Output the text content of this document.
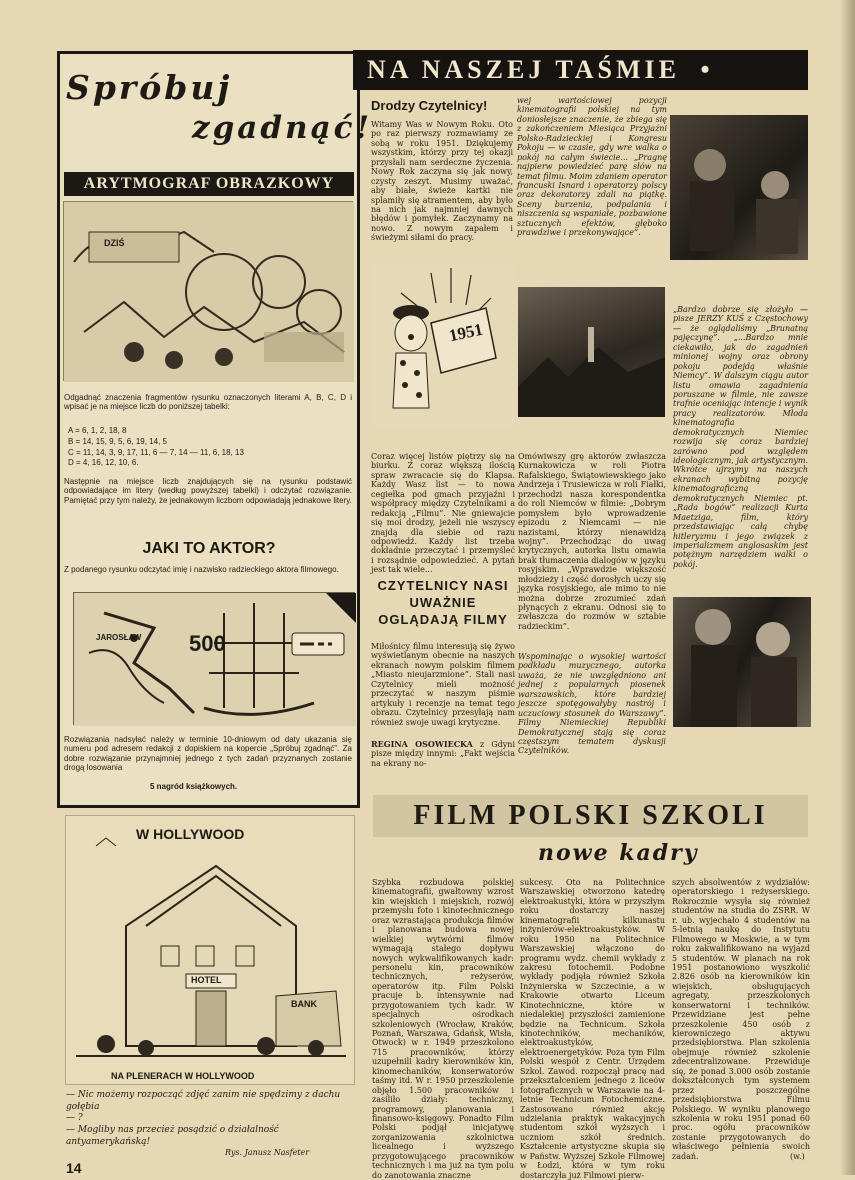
Spróbuj
zgadnąć!
ARYTMOGRAF OBRAZKOWY
DZIŚ
Odgadnąć znaczenia fragmentów rysunku oznaczonych literami A, B, C, D i wpisać je na miejsce liczb do poniższej tabelki:
A = 6, 1, 2, 18, 8
B = 14, 15, 9, 5, 6, 19, 14, 5
C = 11, 14, 3, 9, 17, 11, 6 — 7, 14 — 11, 6, 18, 13
D = 4, 16, 12, 10, 6.
Następnie na miejsce liczb znajdujących się na rysunku podstawić odpowiadające im litery (według powyższej tabelki) i odczytać rozwiązanie. Pamiętać przy tym należy, że jednakowym liczbom odpowiadają jednakowe litery.
JAKI TO AKTOR?
Z podanego rysunku odczytać imię i nazwisko radzieckiego aktora filmowego.
500
JAROSŁAW
Rozwiązania nadsyłać należy w terminie 10-dniowym od daty ukazania się numeru pod adresem redakcji z dopiskiem na kopercie „Spróbuj zgadnąć”. Za dobre rozwiązanie przynajmniej jednego z tych zadań przyznanych zostanie drogą losowania
5 nagród książkowych.
W HOLLYWOOD
HOTEL
BANK
NA PLENERACH W HOLLYWOOD
— Nic możemy rozpocząć zdjęć zanim nie spędzimy z dachu gołębia
— ?
— Mogliby nas przecież posądzić o działalność antyamerykańską!
Rys. Janusz Nasfeter
14
NA NASZEJ TAŚMIE •
Drodzy Czytelnicy!
Witamy Was w Nowym Roku. Oto po raz pierwszy rozmawiamy ze sobą w roku 1951. Dziękujemy wszystkim, którzy przy tej okazji przysłali nam serdeczne życzenia. Nowy Rok zaczyna się jak nowy, czysty zeszyt. Musimy uważać, aby białe, świeże kartki nie splamiły się atramentem, aby było na nich jak najmniej dawnych błędów i pomyłek. Zaczynamy na nowo. Z nowym zapałem i świeżymi siłami do pracy.
wej wartościowej pozycji kinematografii polskiej na tym doniosłejsze znaczenie, że zbiega się z zakończeniem Miesiąca Przyjaźni Polsko-Radzieckiej i Kongresu Pokoju — w czasie, gdy wre walka o pokój na całym świecie... „Pragnę najpierw powiedzieć parę słów na temat filmu. Moim zdaniem operator francuski Isnard i operatorzy polscy oraz dekoratorzy zdali na piątkę. Sceny burzenia, podpalania i niszczenia są wspaniałe, pozbawione sztucznych efektów, głęboko prawdziwe i przekonywające”.
1951
„Bardzo dobrze się złożyło — pisze JERZY KUŚ z Częstochowy — że oglądaliśmy „Brunatną pajęczynę”. „...Bardzo mnie ciekawiło, jak do zagadnień minionej wojny oraz obrony pokoju podejdą właśnie Niemcy”. W dalszym ciągu autor listu omawia zagadnienia poruszane w filmie, nie zawsze trafnie oceniając intencje i wynik pracy realizatorów. Młoda kinematografia demokratycznych Niemiec rozwija się coraz bardziej zarówno pod względem ideologicznym, jak artystycznym. Wkrótce ujrzymy na naszych ekranach wybitną pozycję kinematograficzną demokratycznych Niemiec pt. „Rada bogów” realizacji Kurta Maetziga, film, który przedstawiając całą chybę hitleryzmu i jego związek z imperializmem anglosaskim jest potężnym narzędziem walki o pokój.
Coraz więcej listów piętrzy się na biurku. Z coraz większą ilością spraw zwracacie się do Klapsa. Każdy Wasz list — to nowa cegiełka pod gmach przyjaźni i współpracy między Czytelnikami a redakcją „Filmu”. Nie gniewajcie się moi drodzy, jeżeli nie wszyscy znajdą dla siebie od razu odpowiedź. Każdy list trzeba dokładnie przeczytać i przemyśleć i rozsądnie odpowiedzieć. A pytań jest tak wiele...
Omówiwszy grę aktorów zwłaszcza Kurnakowicza w roli Piotra Rafalskiego, Świątowiewskiego jako Andrzeja i Trusiewicza w roli Fiałki, przechodzi nasza korespondentka do roli Niemców w filmie: „Dobrym pomysłem było wprowadzenie epizodu z Niemcami — nie nazistami, którzy nienawidzą wojny”. Przechodząc do uwag krytycznych, autorka listu omawia brak tłumaczenia dialogów w języku rosyjskim. „Wprawdzie większość młodzieży i część dorosłych uczy się języka rosyjskiego, ale mimo to nie można dobrze zrozumieć zdań płynących z ekranu. Odnosi się to zwłaszcza do rozmów w sztabie radzieckim”.
CZYTELNICY NASI
UWAŻNIE
OGLĄDAJĄ FILMY
Miłośnicy filmu interesują się żywo wyświetlanym obecnie na naszych ekranach nowym polskim filmem „Miasto nieujarzmione”. Stali nasi Czytelnicy mieli możność przeczytać w naszym piśmie artykuły i recenzje na temat tego obrazu. Czytelnicy przesyłają nam również swoje uwagi krytyczne.
REGINA OSOWIECKA z Gdyni pisze między innymi: „Fakt wejścia na ekrany no-
Wspominając o wysokiej wartości podkładu muzycznego, autorka uważa, że nie uwzględniono ani jednej z popularnych piosenek warszawskich, które bardziej jeszcze spotęgowałyby nastrój i uczuciowy stosunek do Warszawy”. Filmy Niemieckiej Republiki Demokratycznej stają się coraz częstszym tematem dyskusji Czytelników.
FILM POLSKI SZKOLI
nowe kadry
Szybka rozbudowa polskiej kinematografii, gwałtowny wzrost kin wiejskich i miejskich, rozwój przemysłu foto i kinotechnicznego oraz wzrastająca produkcja filmów i planowana budowa nowej wielkiej wytwórni filmów wymagają stałego dopływu nowych wykwalifikowanych kadr: personelu kin, pracowników technicznych, reżyserów, operatorów itp. Film Polski pracuje b. intensywnie nad przygotowaniem tych kadr. W specjalnych ośrodkach szkoleniowych (Wrocław, Kraków, Poznań, Warszawa, Gdańsk, Wisła, Otwock) w r. 1949 przeszkolono 715 pracowników, którzy uzupełnili kadry kierowników kin, kinomechaników, konserwatorów taśmy itd. W r. 1950 przeszkolenie objęło 1.500 pracowników i zasiliło działy: techniczny, programowy, planowania i finansowo-księgowy. Ponadto Film Polski podjął inicjatywę zorganizowania szkolnictwa licealnego i wyższego przygotowującego pracowników technicznych i ma już na tym polu do zanotowania znaczne
sukcesy. Oto na Politechnice Warszawskiej otworzono katedrę elektroakustyki, która w przyszłym roku dostarczy naszej kinematografii kilkunastu inżynierów-elektroakustyków. W roku 1950 na Politechnice Warszawskiej włączono do programu wydz. chemii wykłady z zakresu fotochemii. Podobne wykłady podjęła również Szkoła Inżynierska w Szczecinie, a w Krakowie otwarto Liceum Kinotechniczne, które w niedalekiej przyszłości zamienione będzie na Technicum. Szkoła kinotechników, mechaników, elektroakustyków, elektroenergetyków. Poza tym Film Polski wespół z Centr. Urzędem Szkol. Zawod. rozpoczął pracę nad przekształceniem jednego z liceów fotograficznych w Warszawie na 4-letnie Technicum Fotochemiczne. Zastosowano również akcję udzielania praktyk wakacyjnych studentom szkół wyższych i uczniom szkół średnich. Kształcenie artystyczne skupia się w Państw. Wyższej Szkole Filmowej w Łodzi, która w tym roku dostarczyła już Filmowi pierw-
szych absolwentów z wydziałów: operatorskiego i reżyserskiego. Rokrocznie wysyła się również studentów na studia do ZSRR. W r. ub. wyjechało 4 studentów na 5-letnią naukę do Instytutu Filmowego w Moskwie, a w tym roku zakwalifikowano na wyjazd 5 studentów. W planach na rok 1951 postanowiono wyszkolić 2.826 osób na kierowników kin wiejskich, obsługujących agregaty, przeszkolonych konserwatorni i techników. Przewidziane jest pełne przeszkolenie 450 osób z kierowniczego aktywu przedsiębiorstwa. Plan szkolenia obejmuje również szkolenie zdecentralizowane. Przewiduje się, że ponad 3.000 osób zostanie dokształconych tym systemem przez poszczególne przedsiębiorstwa Filmu Polskiego. W wyniku planowego szkolenia w roku 1951 ponad 60 proc. ogółu pracowników zostanie przygotowanych do właściwego pełnienia swoich zadań.	(w.)
